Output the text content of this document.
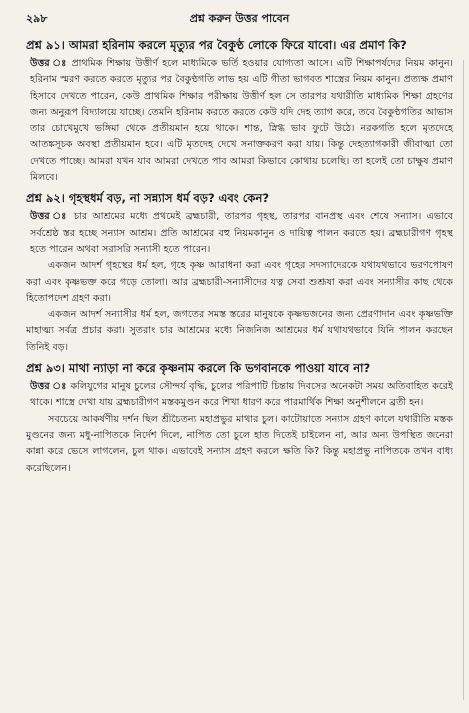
২৯৮	প্রশ্ন করুন উত্তর পাবেন

প্রশ্ন ৯১। আমরা হরিনাম করলে মৃত্যুর পর বৈকুণ্ঠ লোকে ফিরে যাবো। এর প্রমাণ কি?

উত্তর ঃ প্রাথমিক শিক্ষায় উত্তীর্ণ হলে মাধ্যমিকে ভর্তি হওয়ার যোগ্যতা আসে। এটি শিক্ষাপর্ষদের নিয়ম কানুন। হরিনাম স্মরণ করতে করতে মৃত্যুর পর বৈকুণ্ঠগতি লাভ হয় এটি গীতা ভাগবত শাস্ত্রের নিয়ম কানুন। প্রত্যক্ষ প্রমাণ হিসাবে দেখতে পারেন, কেউ প্রাথমিক শিক্ষার পরীক্ষায় উত্তীর্ণ হল সে তারপর যথারীতি মাধ্যমিক শিক্ষা গ্রহণের জন্য অনুরূপ বিদ্যালয়ে যাচ্ছে। তেমনি হরিনাম করতে করতে কেউ যদি দেহ ত্যাগ করে, তবে বৈকুণ্ঠগতির আভাস তার চোখেমুখে ভঙ্গিমা থেকে প্রতীয়মান হয়ে থাকে। শান্ত, স্নিগ্ধ ভাব ফুটে উঠে। নরকগতি হলে মৃতদেহে আতঙ্কসূচক অবস্থা প্রতীয়মান হবে। এটি মৃতদেহ দেখে সনাক্তকরণ করা যায়। কিন্তু দেহত্যাগকারী জীবাত্মা তো দেখতে পাচ্ছে। আমরা যখন যাব আমরা দেখতে পাব আমরা কিভাবে কোথায় চলেছি। তা হলেই তো চাক্ষুষ প্রমাণ মিলবে।

প্রশ্ন ৯২। গৃহস্থধর্ম বড়, না সন্ন্যাস ধর্ম বড়? এবং কেন?

উত্তর ঃ চার আশ্রমের মধ্যে প্রথমেই ব্রহ্মচারী, তারপর গৃহস্থ, তারপর বানপ্রস্থ এবং শেষে সন্যাস। এভাবে সর্বশ্রেষ্ঠ স্তর হচ্ছে সন্যাস আশ্রম। প্রতি আশ্রমের বহু নিয়মকানুন ও দায়িত্ব পালন করতে হয়। ব্রহ্মচারীগণ গৃহস্থ হতে পারেন অথবা সরাসরি সন্যাসী হতে পারেন।

একজন আদর্শ গৃহস্থের ধর্ম হল, গৃহে কৃষ্ণ আরাধনা করা এবং গৃহের সদস্যাদেরকে যথাযথভাবে ভরণপোষণ করা এবং কৃষ্ণভক্ত করে গড়ে তোলা। আর ব্রহ্মচারী-সন্যাসীদের যত্ন সেবা শুশ্রূষা করা এবং সন্যাসীর কাছ থেকে হিতোপদেশ গ্রহণ করা।

একজন আদর্শ সন্যাসীর ধর্ম হল, জগতের সমস্ত স্তরের মানুষকে কৃষ্ণভজনের জন্য প্রেরণাদান এবং কৃষ্ণভক্তি মাহাত্ম্য সর্বত্র প্রচার করা। সুতরাং চার আশ্রমের মধ্যে নিজনিজ আশ্রমের ধর্ম যথাযথভাবে যিনি পালন করছেন তিনিই বড়।

প্রশ্ন ৯৩। মাথা ন্যাড়া না করে কৃষ্ণনাম করলে কি ভগবানকে পাওয়া যাবে না?

উত্তর ঃ কলিযুগের মানুষ চুলের সৌন্দর্য বৃদ্ধি, চুলের পরিপাটি চিন্তায় দিবসের অনেকটা সময় অতিবাহিত করেই থাকে। শাস্ত্রে দেখা যায় ব্রহ্মচারীগণ মস্তকমুণ্ডন করে শিখা ধারণ করে পারমার্থিক শিক্ষা অনুশীলনে ব্রতী হন।

সবচেয়ে আকর্ষণীয় দর্শন ছিল শ্রীচৈতন্য মহাপ্রভুর মাথার চুল। কাটোয়াতে সন্যাস গ্রহণ কালে যথারীতি মস্তক মুণ্ডনের জন্য মধু-নাপিতকে নির্দেশ দিলে, নাপিত তো চুলে হাত দিতেই চাইলেন না, আর অন্য উপস্থিত জনেরা কান্না করে ভেসে লাগলেন, চুল থাক। এভাবেই সন্যাস গ্রহণ করলে ক্ষতি কি? কিন্তু মহাপ্রভু নাপিতকে তখন বাধ্য করেছিলেন।
